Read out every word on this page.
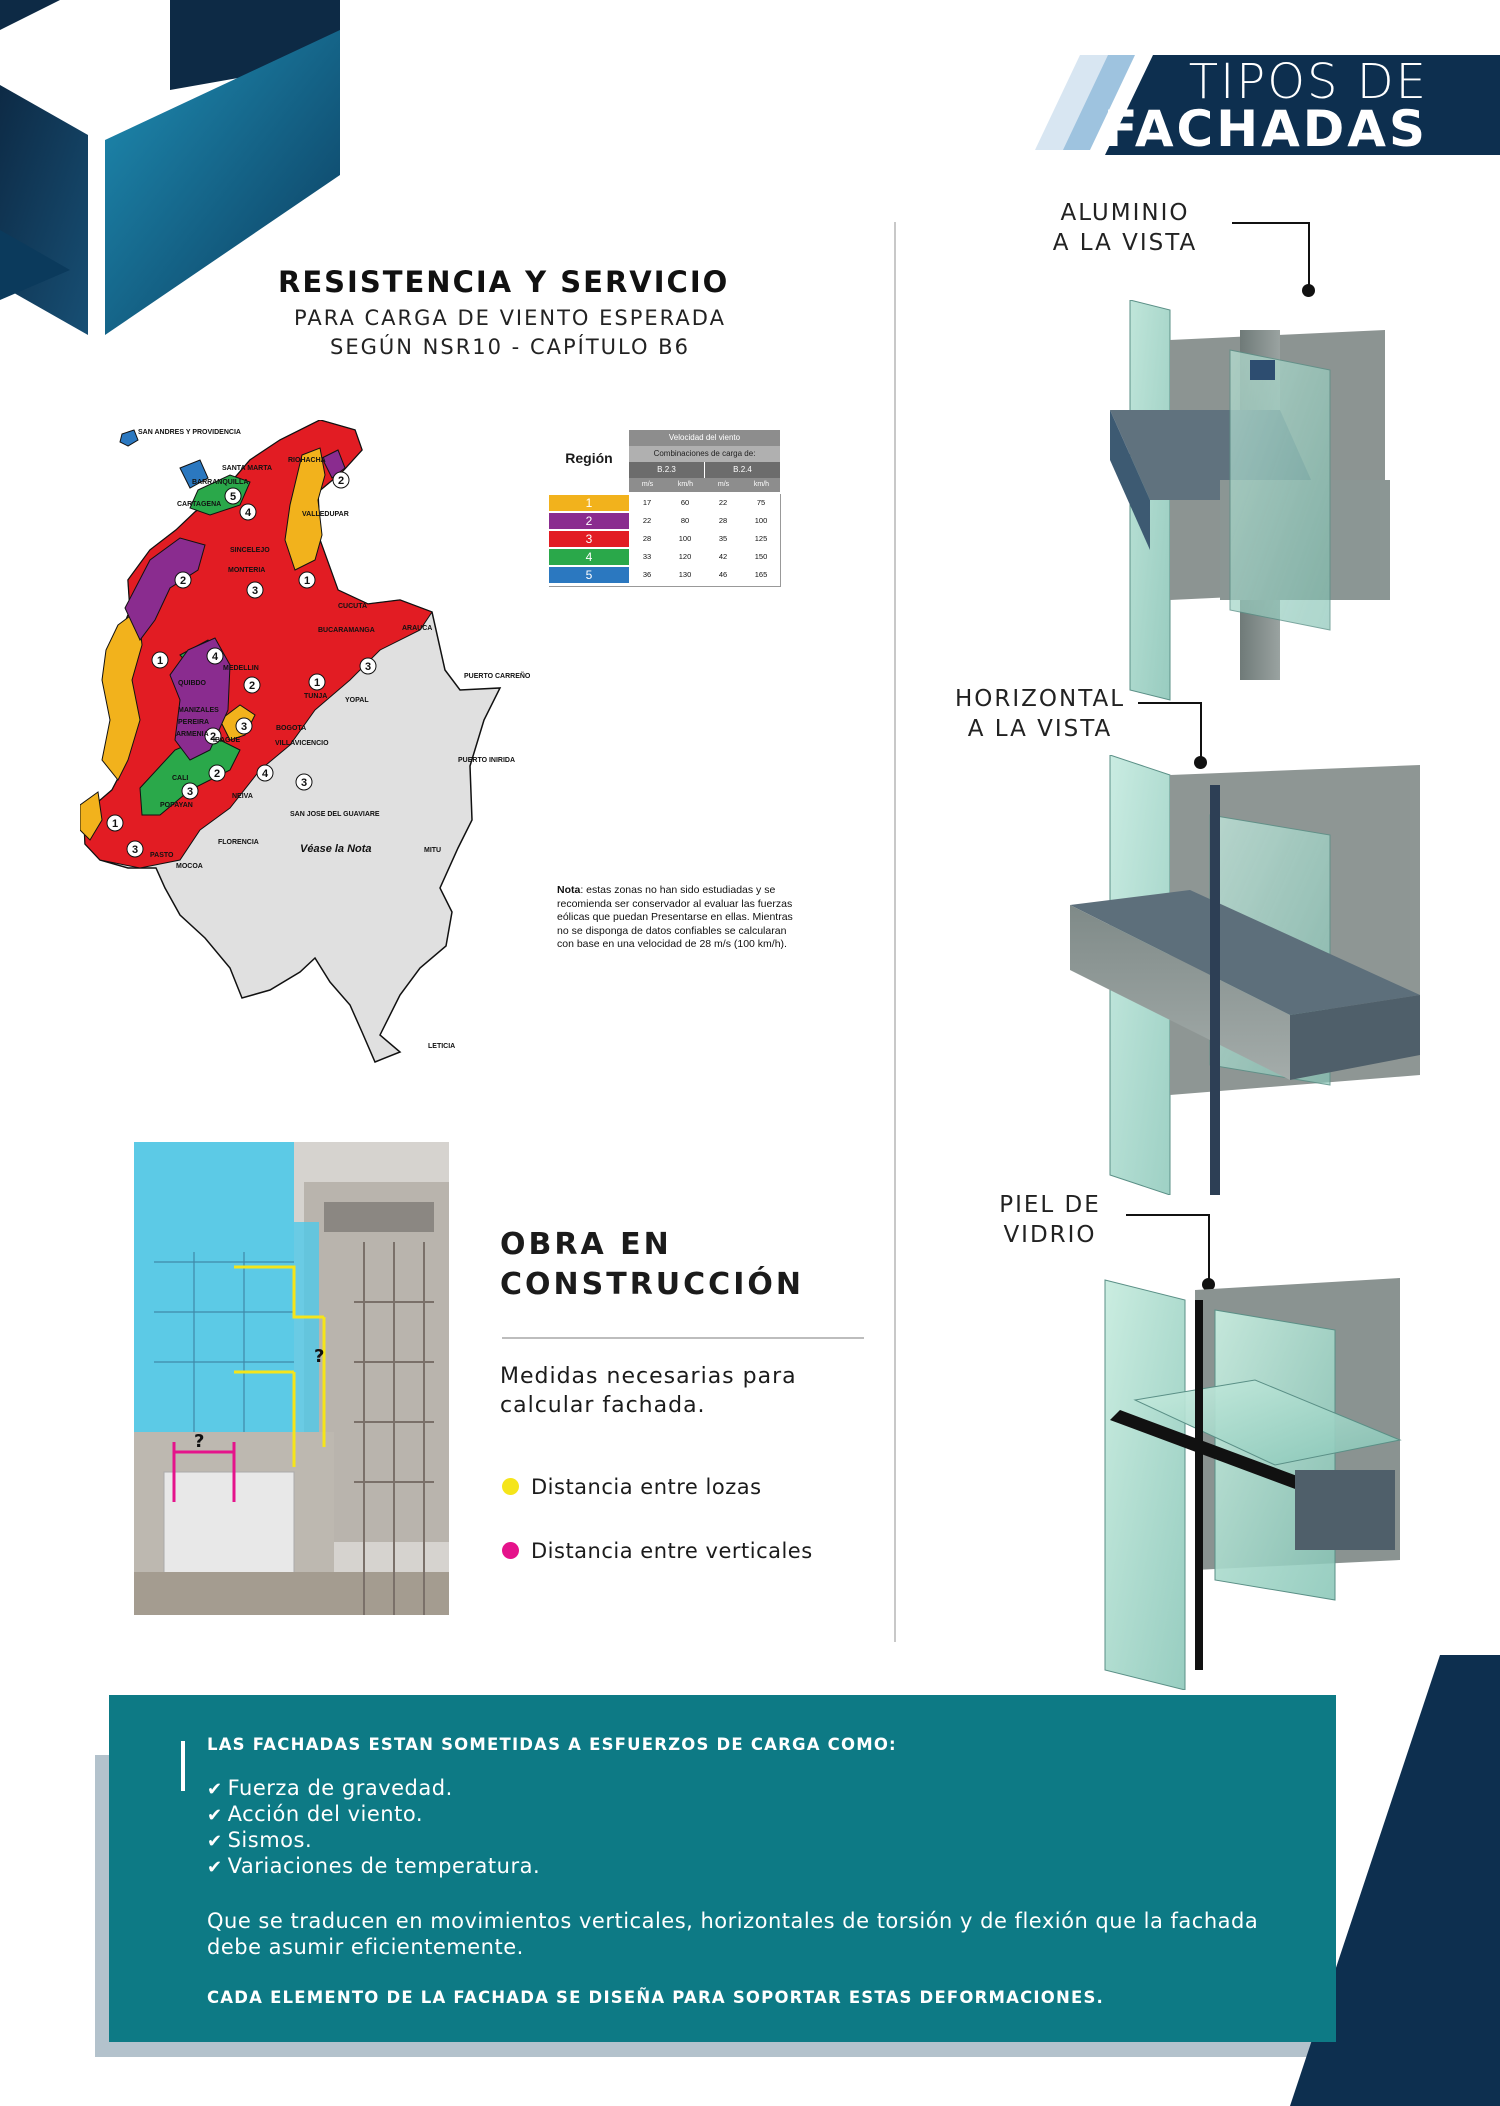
TIPOS DE
FACHADAS
RESISTENCIA Y SERVICIO
PARA CARGA DE VIENTO ESPERADA
SEGÚN NSR10 - CAPÍTULO B6
2
5
4
1
2
3
4
1	3
2	1
3
2
2	4
3
3
1
3
SAN ANDRES Y PROVIDENCIA
SANTA MARTA
RIOHACHA
BARRANQUILLA
CARTAGENA
VALLEDUPAR
SINCELEJO
MONTERIA
CUCUTA
BUCARAMANGA	ARAUCA
MEDELLIN
QUIBDO
TUNJA
YOPAL
PUERTO CARREÑO
MANIZALES
PEREIRA
ARMENIA
IBAGUE
BOGOTA
VILLAVICENCIO
CALI
PUERTO INIRIDA
NEIVA
POPAYAN
SAN JOSE DEL GUAVIARE
FLORENCIA
PASTO
MOCOA
MITU
LETICIA
Véase la Nota
Región
Velocidad del viento
Combinaciones de carga de:
B.2.3	B.2.4
m/s	km/h	m/s	km/h
1	17	60	22	75
2	22	80	28	100
3	28	100	35	125
4	33	120	42	150
5	36	130	46	165
Nota: estas zonas no han sido estudiadas y se recomienda ser conservador al evaluar las fuerzas eólicas que puedan Presentarse en ellas. Mientras no se disponga de datos confiables se calcularan con base en una velocidad de 28 m/s (100 km/h).
?
?
OBRA EN
CONSTRUCCIÓN
Medidas necesarias para
calcular fachada.
Distancia entre lozas
Distancia entre verticales
ALUMINIO
A LA VISTA
HORIZONTAL
A LA VISTA
PIEL DE
VIDRIO
LAS FACHADAS ESTAN SOMETIDAS A ESFUERZOS DE CARGA COMO:
✔ Fuerza de gravedad.
✔ Acción del viento.
✔ Sismos.
✔ Variaciones de temperatura.
Que se traducen en movimientos verticales, horizontales de torsión y de flexión que la fachada debe asumir eficientemente.
CADA ELEMENTO DE LA FACHADA SE DISEÑA PARA SOPORTAR ESTAS DEFORMACIONES.
